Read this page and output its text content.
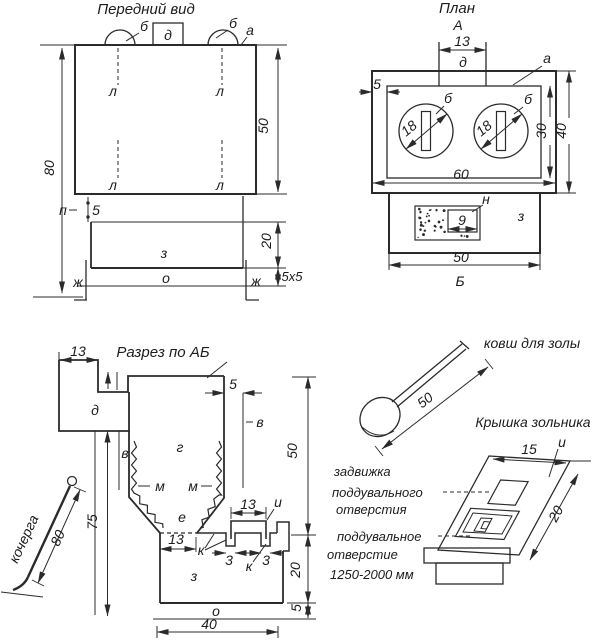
Передний вид
б	б а
д
л	л
л	л
п 5
з
о
ж	ж
80
50
20
5х5
План
А
13
д	а
б	б
5
18	18	30 40
60
н
9	з
50
Б
Разрез по АБ
13
д
в
в
г
м м
е
5
50
13
к
к
3 3
13 и
з
о
40
75
20
5
кочерга 80
ковш для золы
50
Крышка зольника
15 и
20
задвижка
поддувального
отверстия
поддувальное
отверстие
1250-2000 мм
